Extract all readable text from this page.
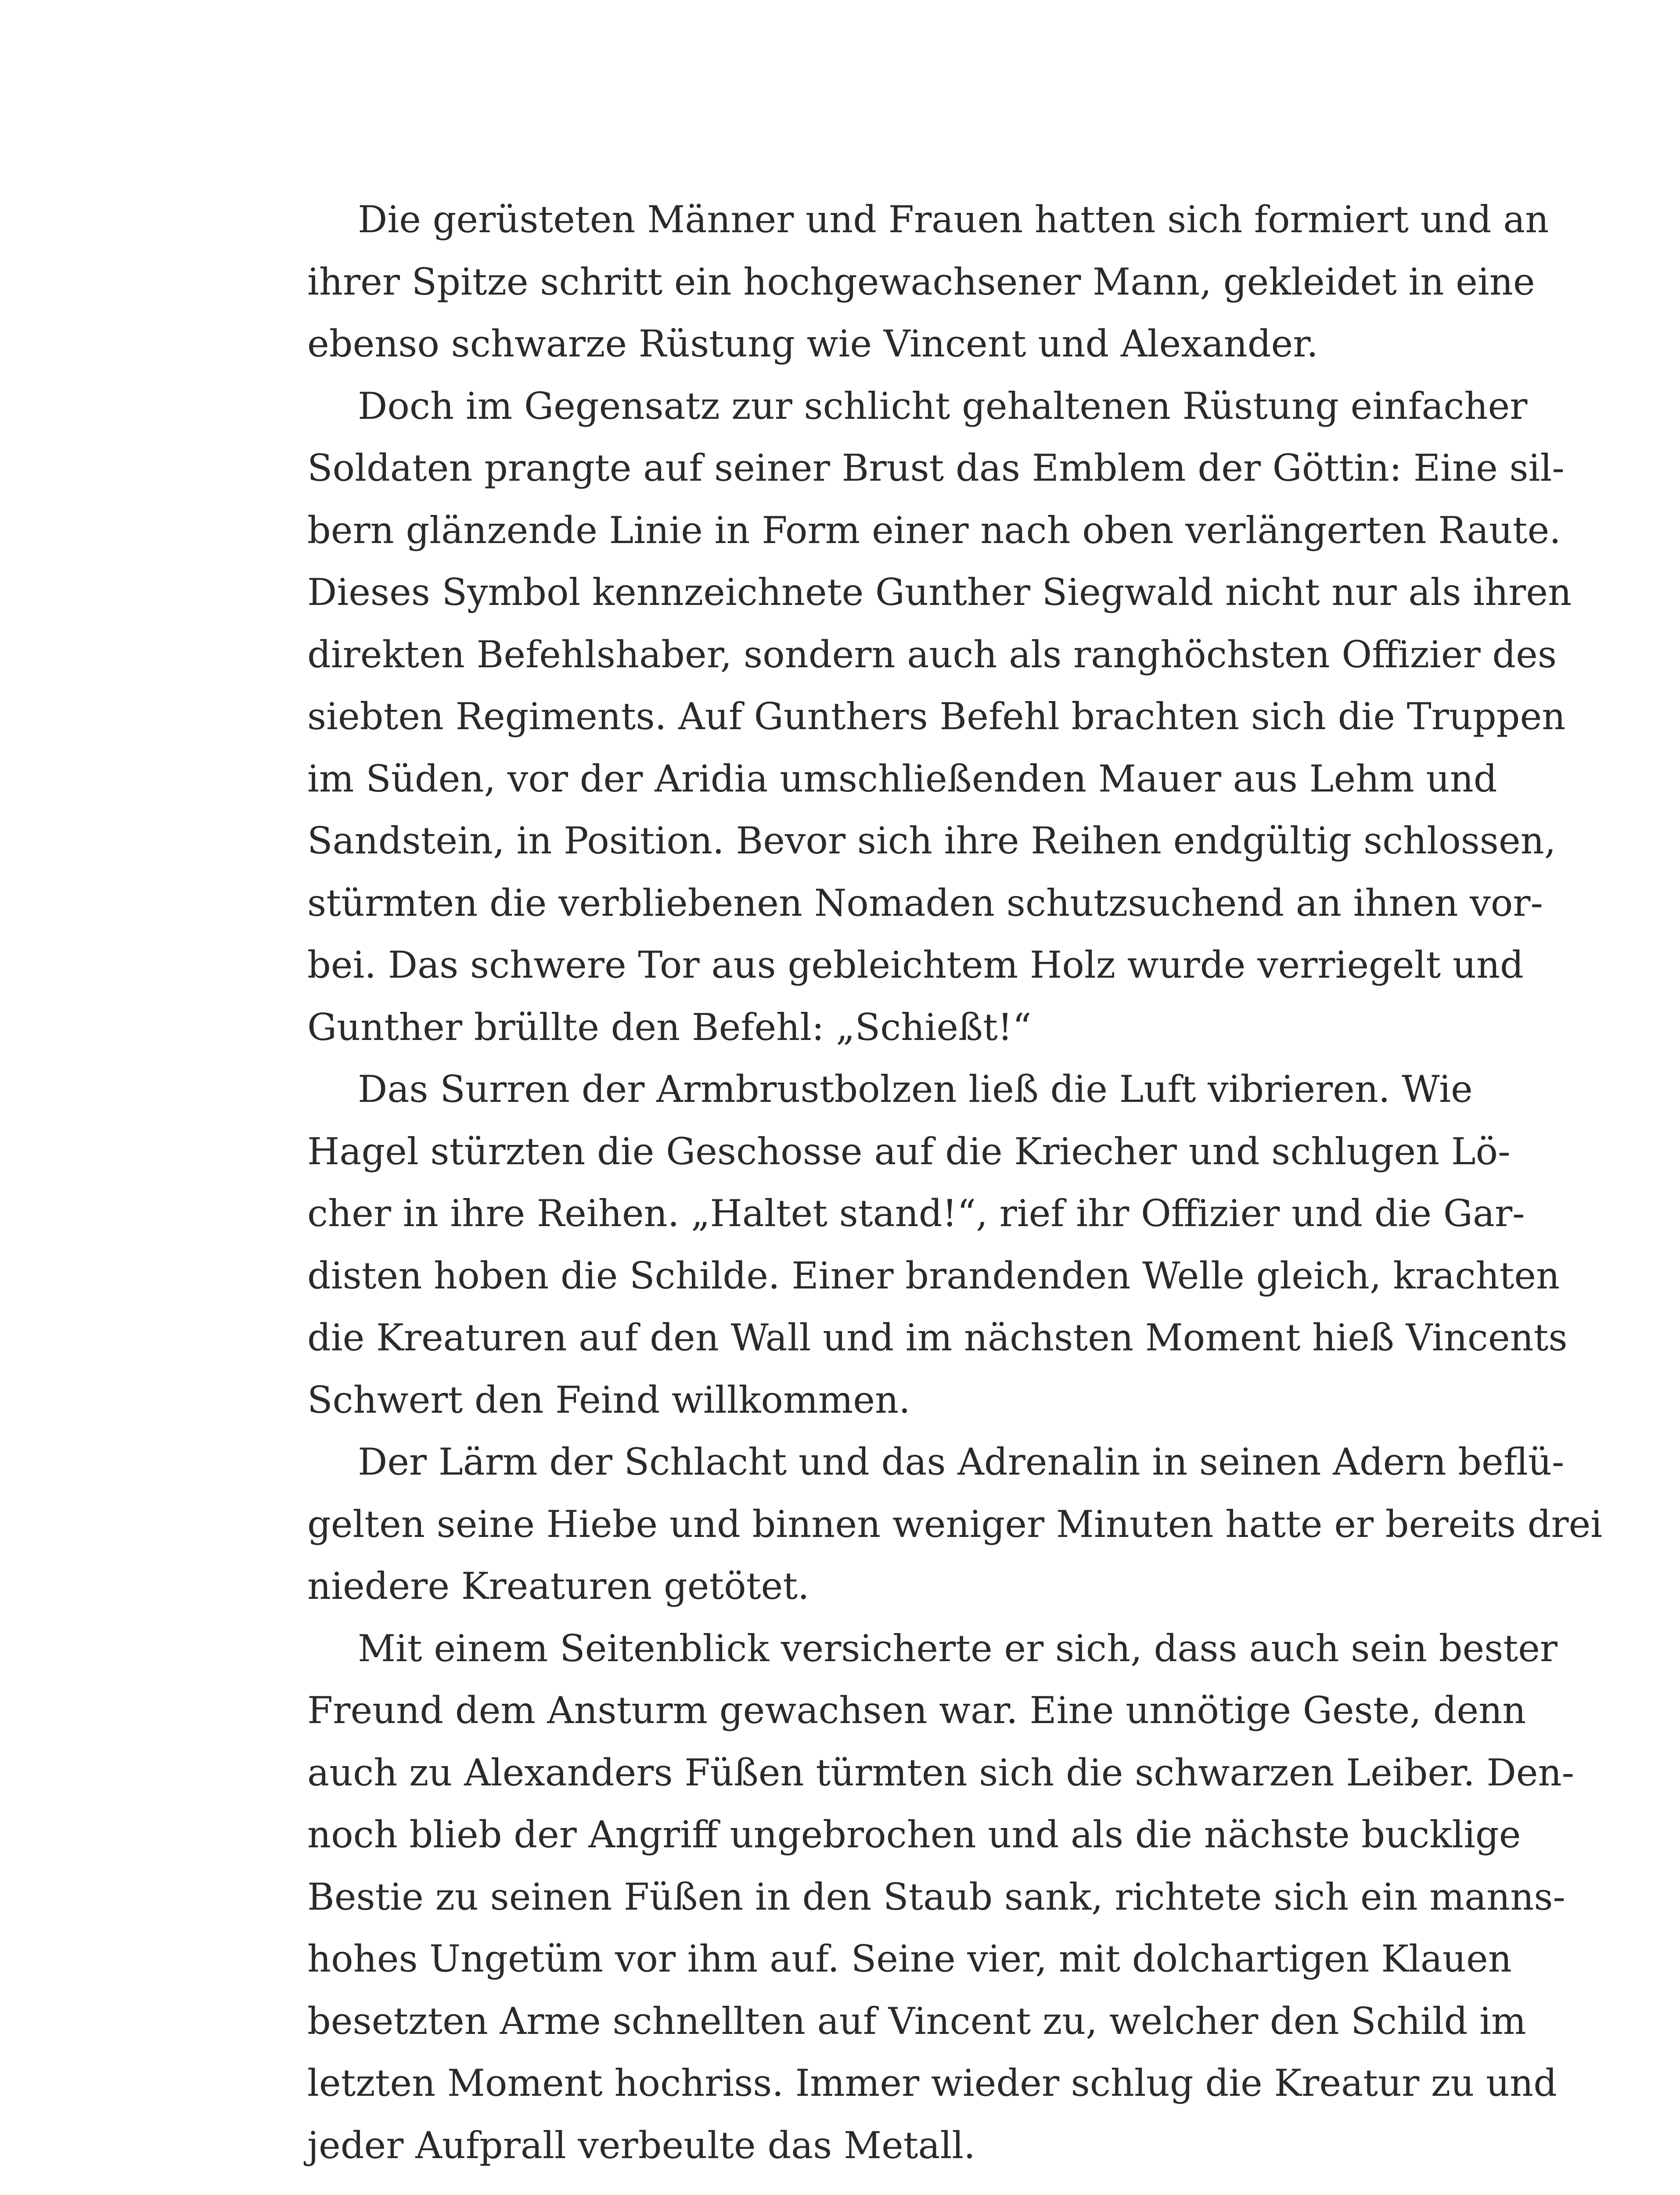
Die gerüsteten Männer und Frauen hatten sich formiert und an
ihrer Spitze schritt ein hochgewachsener Mann, gekleidet in eine
ebenso schwarze Rüstung wie Vincent und Alexander.
Doch im Gegensatz zur schlicht gehaltenen Rüstung einfacher
Soldaten prangte auf seiner Brust das Emblem der Göttin: Eine sil-
bern glänzende Linie in Form einer nach oben verlängerten Raute.
Dieses Symbol kennzeichnete Gunther Siegwald nicht nur als ihren
direkten Befehlshaber, sondern auch als ranghöchsten Offizier des
siebten Regiments. Auf Gunthers Befehl brachten sich die Truppen
im Süden, vor der Aridia umschließenden Mauer aus Lehm und
Sandstein, in Position. Bevor sich ihre Reihen endgültig schlossen,
stürmten die verbliebenen Nomaden schutzsuchend an ihnen vor-
bei. Das schwere Tor aus gebleichtem Holz wurde verriegelt und
Gunther brüllte den Befehl: „Schießt!“
Das Surren der Armbrustbolzen ließ die Luft vibrieren. Wie
Hagel stürzten die Geschosse auf die Kriecher und schlugen Lö-
cher in ihre Reihen. „Haltet stand!“, rief ihr Offizier und die Gar-
disten hoben die Schilde. Einer brandenden Welle gleich, krachten
die Kreaturen auf den Wall und im nächsten Moment hieß Vincents
Schwert den Feind willkommen.
Der Lärm der Schlacht und das Adrenalin in seinen Adern beflü-
gelten seine Hiebe und binnen weniger Minuten hatte er bereits drei
niedere Kreaturen getötet.
Mit einem Seitenblick versicherte er sich, dass auch sein bester
Freund dem Ansturm gewachsen war. Eine unnötige Geste, denn
auch zu Alexanders Füßen türmten sich die schwarzen Leiber. Den-
noch blieb der Angriff ungebrochen und als die nächste bucklige
Bestie zu seinen Füßen in den Staub sank, richtete sich ein manns-
hohes Ungetüm vor ihm auf. Seine vier, mit dolchartigen Klauen
besetzten Arme schnellten auf Vincent zu, welcher den Schild im
letzten Moment hochriss. Immer wieder schlug die Kreatur zu und
jeder Aufprall verbeulte das Metall.
